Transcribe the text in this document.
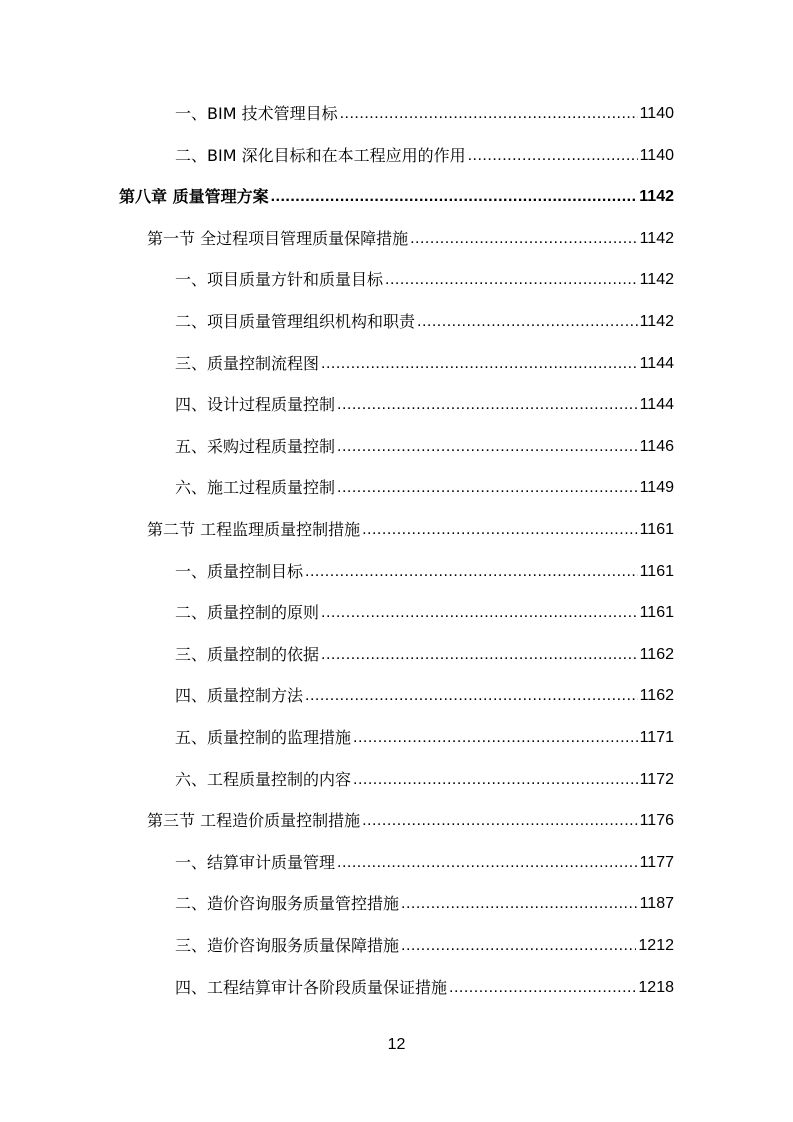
一、BIM 技术管理目标 .....	1140
二、BIM 深化目标和在本工程应用的作用 .....	1140
第八章 质量管理方案 .....	1142
第一节 全过程项目管理质量保障措施 .....	1142
一、项目质量方针和质量目标 .....	1142
二、项目质量管理组织机构和职责 .....	1142
三、质量控制流程图 .....	1144
四、设计过程质量控制 .....	1144
五、采购过程质量控制 .....	1146
六、施工过程质量控制 .....	1149
第二节 工程监理质量控制措施 .....	1161
一、质量控制目标 .....	1161
二、质量控制的原则 .....	1161
三、质量控制的依据 .....	1162
四、质量控制方法 .....	1162
五、质量控制的监理措施 .....	1171
六、工程质量控制的内容 .....	1172
第三节 工程造价质量控制措施 .....	1176
一、结算审计质量管理 .....	1177
二、造价咨询服务质量管控措施 .....	1187
三、造价咨询服务质量保障措施 .....	1212
四、工程结算审计各阶段质量保证措施 .....	1218
12
